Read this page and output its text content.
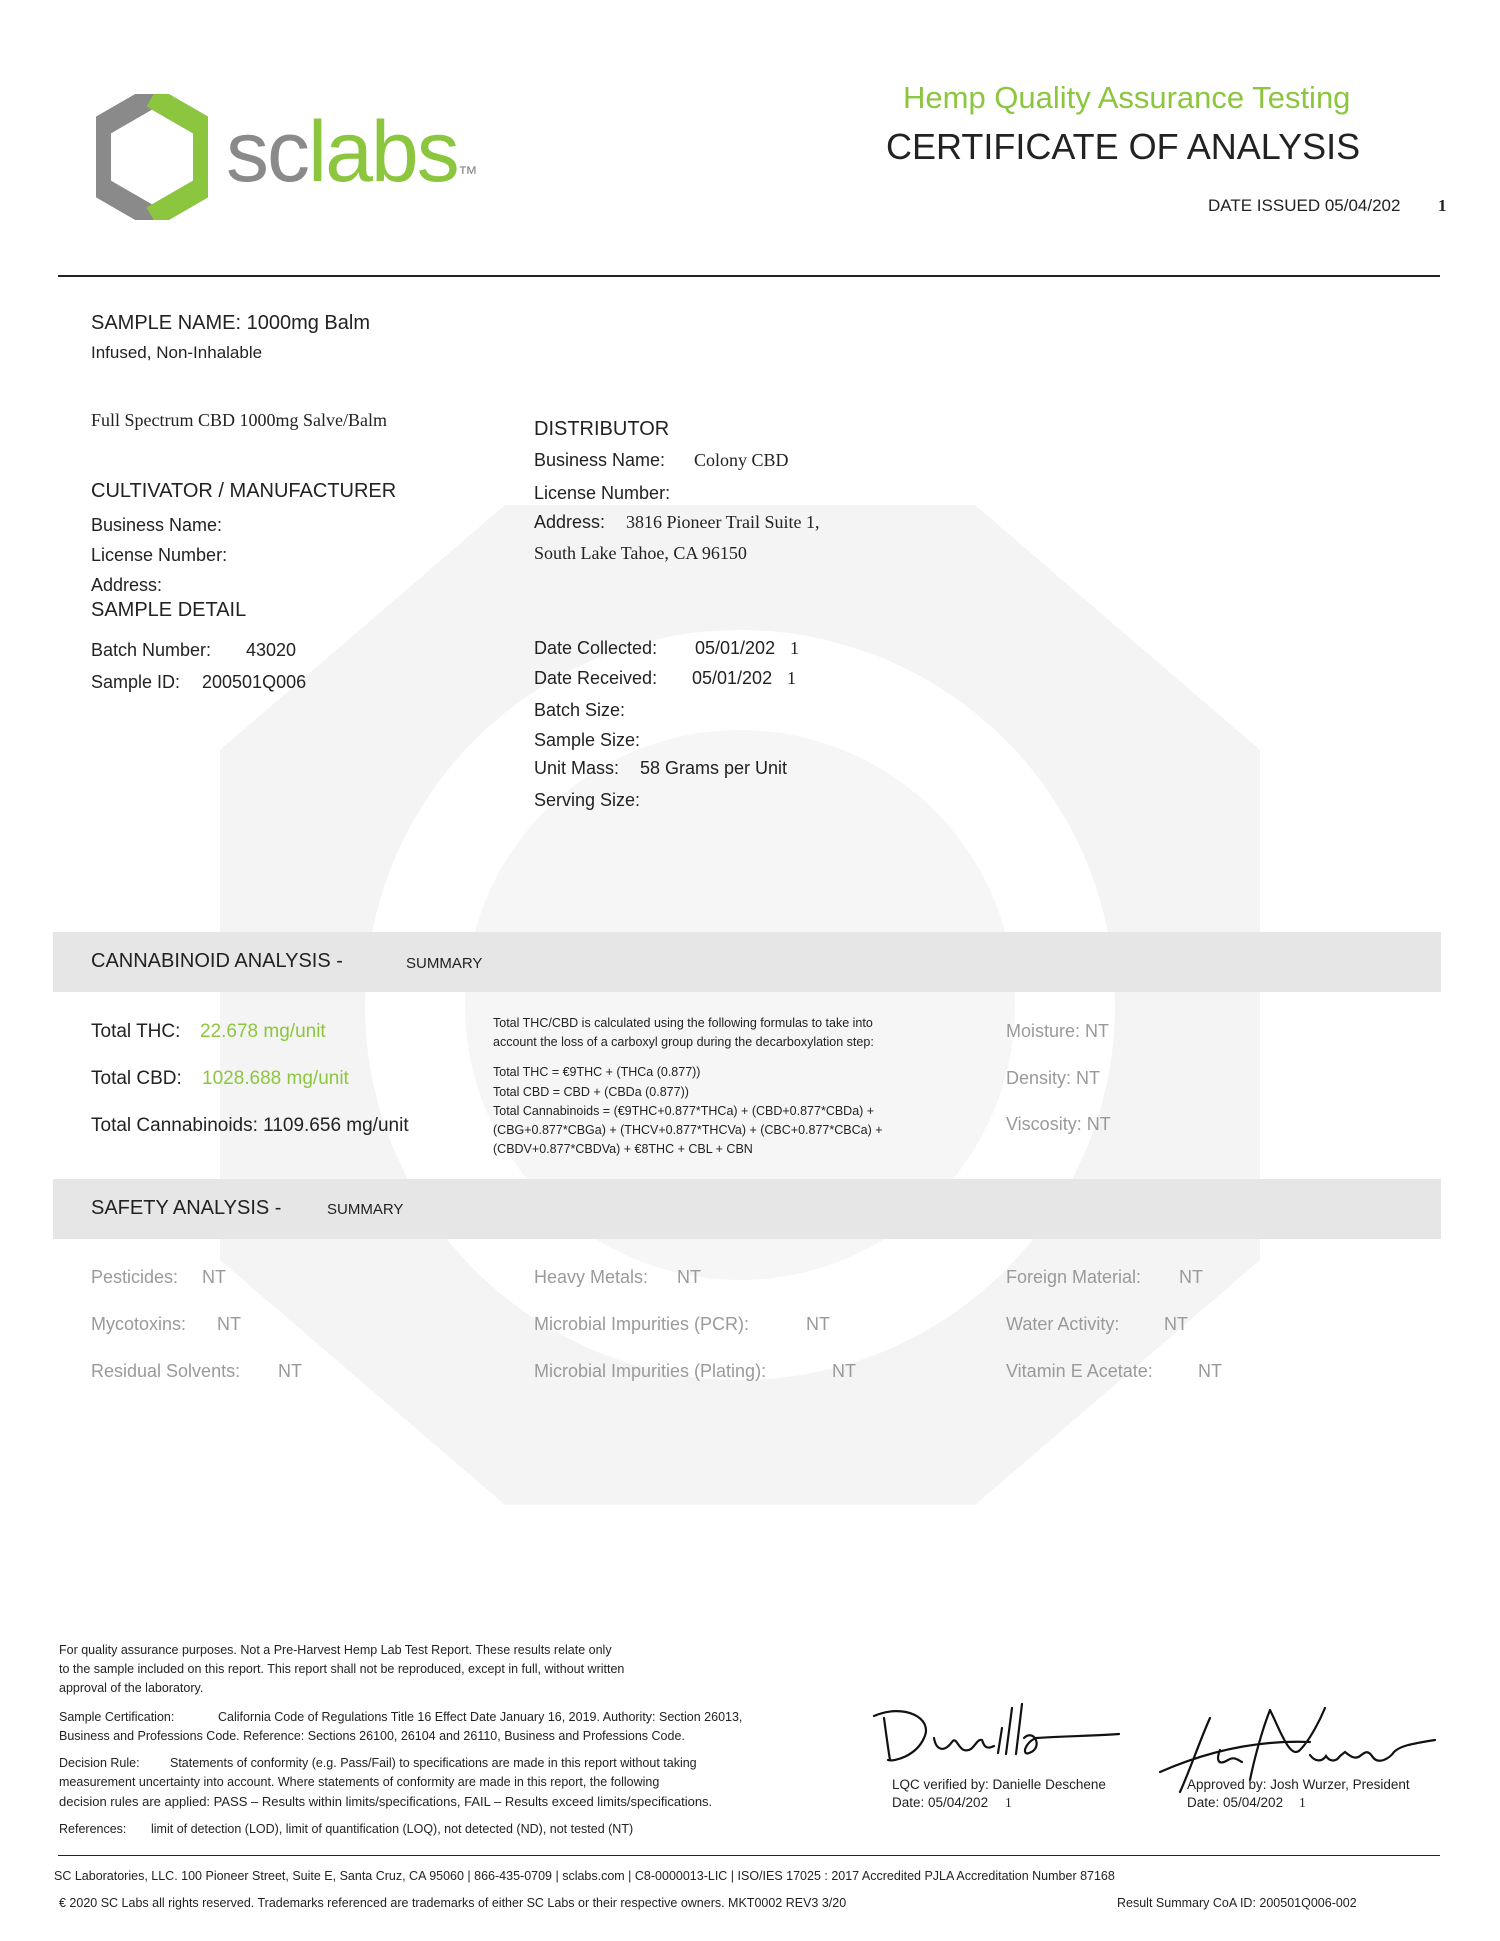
sclabs™
Hemp Quality Assurance Testing
CERTIFICATE OF ANALYSIS
DATE ISSUED 05/04/202 1
SAMPLE NAME: 1000mg Balm
Infused, Non-Inhalable
Full Spectrum CBD 1000mg Salve/Balm
CULTIVATOR / MANUFACTURER
Business Name:
License Number:
Address:
DISTRIBUTOR
Business Name: Colony CBD
License Number:
Address: 3816 Pioneer Trail Suite 1,
South Lake Tahoe, CA 96150
SAMPLE DETAIL
Batch Number: 43020
Sample ID: 200501Q006
Date Collected: 05/01/202 1
Date Received: 05/01/202 1
Batch Size:
Sample Size:
Unit Mass: 58 Grams per Unit
Serving Size:
CANNABINOID ANALYSIS -	SUMMARY
Total THC: 22.678 mg/unit
Total CBD: 1028.688 mg/unit
Total Cannabinoids: 1109.656 mg/unit
Total THC/CBD is calculated using the following formulas to take into
account the loss of a carboxyl group during the decarboxylation step:
Total THC = €9THC + (THCa (0.877))
Total CBD = CBD + (CBDa (0.877))
Total Cannabinoids = (€9THC+0.877*THCa) + (CBD+0.877*CBDa) +
(CBG+0.877*CBGa) + (THCV+0.877*THCVa) + (CBC+0.877*CBCa) +
(CBDV+0.877*CBDVa) + €8THC + CBL + CBN
Moisture: NT
Density: NT
Viscosity: NT
SAFETY ANALYSIS -	SUMMARY
Pesticides: NT
Mycotoxins: NT
Residual Solvents: NT
Heavy Metals: NT
Microbial Impurities (PCR):	NT
Microbial Impurities (Plating):	NT
Foreign Material: NT
Water Activity: NT
Vitamin E Acetate:	NT
For quality assurance purposes. Not a Pre-Harvest Hemp Lab Test Report. These results relate only
to the sample included on this report. This report shall not be reproduced, except in full, without written
approval of the laboratory.
Sample Certification:	California Code of Regulations Title 16 Effect Date January 16, 2019. Authority: Section 26013,
Business and Professions Code. Reference: Sections 26100, 26104 and 26110, Business and Professions Code.
Decision Rule: Statements of conformity (e.g. Pass/Fail) to specifications are made in this report without taking
measurement uncertainty into account. Where statements of conformity are made in this report, the following
decision rules are applied: PASS – Results within limits/specifications, FAIL – Results exceed limits/specifications.
References: limit of detection (LOD), limit of quantification (LOQ), not detected (ND), not tested (NT)
LQC verified by: Danielle Deschene
Date: 05/04/202 1
Approved by: Josh Wurzer, President
Date: 05/04/202 1
SC Laboratories, LLC. 100 Pioneer Street, Suite E, Santa Cruz, CA 95060 | 866-435-0709 | sclabs.com | C8-0000013-LIC | ISO/IES 17025 : 2017 Accredited PJLA Accreditation Number 87168
€ 2020 SC Labs all rights reserved. Trademarks referenced are trademarks of either SC Labs or their respective owners. MKT0002 REV3 3/20	Result Summary CoA ID: 200501Q006-002
